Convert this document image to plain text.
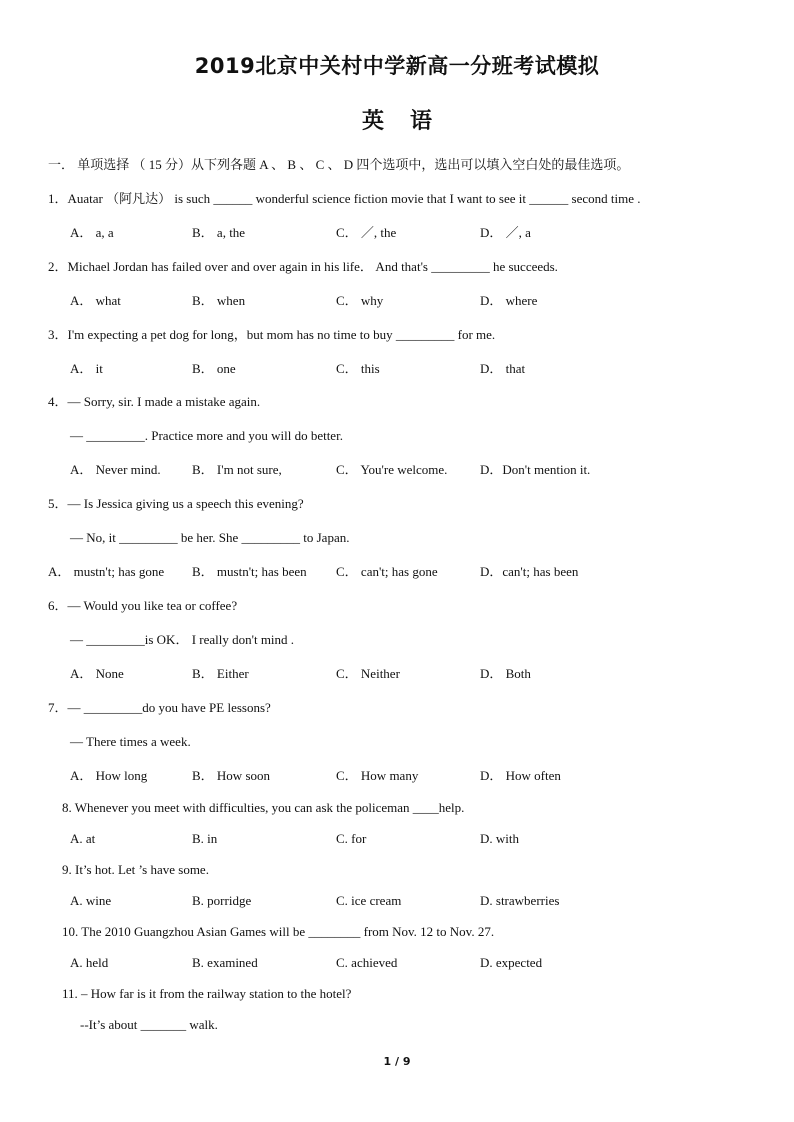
2019北京中关村中学新高一分班考试模拟
英语
一． 单项选择 （ 15 分）从下列各题 A 、 B 、 C 、 D 四个选项中，选出可以填入空白处的最佳选项。
1．Auatar （阿凡达） is such ______ wonderful science fiction movie that I want to see it ______ second time .
A． a, a	B． a, the	C． ／, the	D． ／, a
2．Michael Jordan has failed over and over again in his life． And that's _________ he succeeds.
A． what	B． when	C． why	D． where
3．I'm expecting a pet dog for long，but mom has no time to buy _________ for me.
A． it	B． one	C． this	D． that
4．— Sorry, sir. I made a mistake again.
— _________. Practice more and you will do better.
A． Never mind. B． I'm not sure,	C． You're welcome.	D．Don't mention it.
5．— Is Jessica giving us a speech this evening?
— No, it _________ be her. She _________ to Japan.
A． mustn't; has gone B． mustn't; has been C． can't; has gone	D．can't; has been
6．— Would you like tea or coffee?
— _________is OK． I really don't mind .
A． None	B． Either	C． Neither	D． Both
7．— _________do you have PE lessons?
— There times a week.
A． How long	B． How soon	C． How many	D． How often
8. Whenever you meet with difficulties, you can ask the policeman ____help.
A. at	B. in	C. for	D. with
9. It’s hot. Let ’s have some.
A. wine	B. porridge	C. ice cream	D. strawberries
10. The 2010 Guangzhou Asian Games will be ________ from Nov. 12 to Nov. 27.
A. held	B. examined	C. achieved	D. expected
11. – How far is it from the railway station to the hotel?
--It’s about _______ walk.
1 / 9
